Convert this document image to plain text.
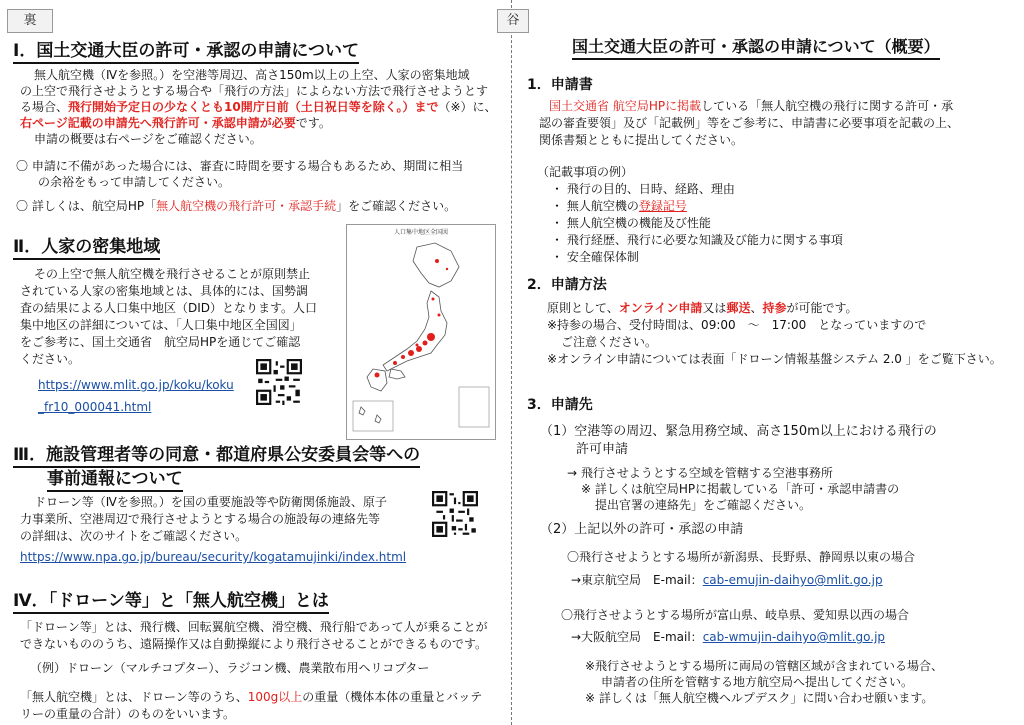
裏
Ⅰ．国土交通大臣の許可・承認の申請について
無人航空機（Ⅳを参照。）を空港等周辺、高さ150m以上の上空、人家の密集地域
の上空で飛行させようとする場合や「飛行の方法」によらない方法で飛行させようとす
る場合、飛行開始予定日の少なくとも10開庁日前（土日祝日等を除く。）まで（※）に、
右ページ記載の申請先へ飛行許可・承認申請が必要です。
申請の概要は右ページをご確認ください。
〇 申請に不備があった場合には、審査に時間を要する場合もあるため、期間に相当
の余裕をもって申請してください。
〇 詳しくは、航空局HP「無人航空機の飛行許可・承認手続」をご確認ください。
Ⅱ．人家の密集地域
その上空で無人航空機を飛行させることが原則禁止
されている人家の密集地域とは、具体的には、国勢調
査の結果による人口集中地区（DID）となります。人口
集中地区の詳細については、「人口集中地区全国図」
をご参考に、国土交通省　航空局HPを通じてご確認
ください。
https://www.mlit.go.jp/koku/koku
_fr10_000041.html
人口集中地区全国図
Ⅲ．施設管理者等の同意・都道府県公安委員会等への
事前通報について
ドローン等（Ⅳを参照。）を国の重要施設等や防衛関係施設、原子
力事業所、空港周辺で飛行させようとする場合の施設毎の連絡先等
の詳細は、次のサイトをご確認ください。
https://www.npa.go.jp/bureau/security/kogatamujinki/index.html
Ⅳ．「ドローン等」と「無人航空機」とは
「ドローン等」とは、飛行機、回転翼航空機、滑空機、飛行船であって人が乗ることが
できないもののうち、遠隔操作又は自動操縦により飛行させることができるものです。
（例）ドローン（マルチコプター）、ラジコン機、農業散布用ヘリコプター
「無人航空機」とは、ドローン等のうち、100g以上の重量（機体本体の重量とバッテ
リーの重量の合計）のものをいいます。
谷
国土交通大臣の許可・承認の申請について（概要）
1．申請書
国土交通省 航空局HPに掲載している「無人航空機の飛行に関する許可・承
認の審査要領」及び「記載例」等をご参考に、申請書に必要事項を記載の上、
関係書類とともに提出してください。
（記載事項の例）
・ 飛行の目的、日時、経路、理由
・ 無人航空機の登録記号
・ 無人航空機の機能及び性能
・ 飛行経歴、飛行に必要な知識及び能力に関する事項
・ 安全確保体制
2．申請方法
原則として、オンライン申請又は郵送、持参が可能です。
※持参の場合、受付時間は、09:00　～　17:00　となっていますので
ご注意ください。
※オンライン申請については表面「ドローン情報基盤システム 2.0 」をご覧下さい。
3．申請先
（1）空港等の周辺、緊急用務空域、高さ150m以上における飛行の
許可申請
→ 飛行させようとする空域を管轄する空港事務所
※ 詳しくは航空局HPに掲載している「許可・承認申請書の
提出官署の連絡先」をご確認ください。
（2）上記以外の許可・承認の申請
〇飛行させようとする場所が新潟県、長野県、静岡県以東の場合
→東京航空局　E-mail：cab-emujin-daihyo@mlit.go.jp
〇飛行させようとする場所が富山県、岐阜県、愛知県以西の場合
→大阪航空局　E-mail：cab-wmujin-daihyo@mlit.go.jp
※飛行させようとする場所に両局の管轄区域が含まれている場合、
申請者の住所を管轄する地方航空局へ提出してください。
※ 詳しくは「無人航空機ヘルプデスク」に問い合わせ願います。
